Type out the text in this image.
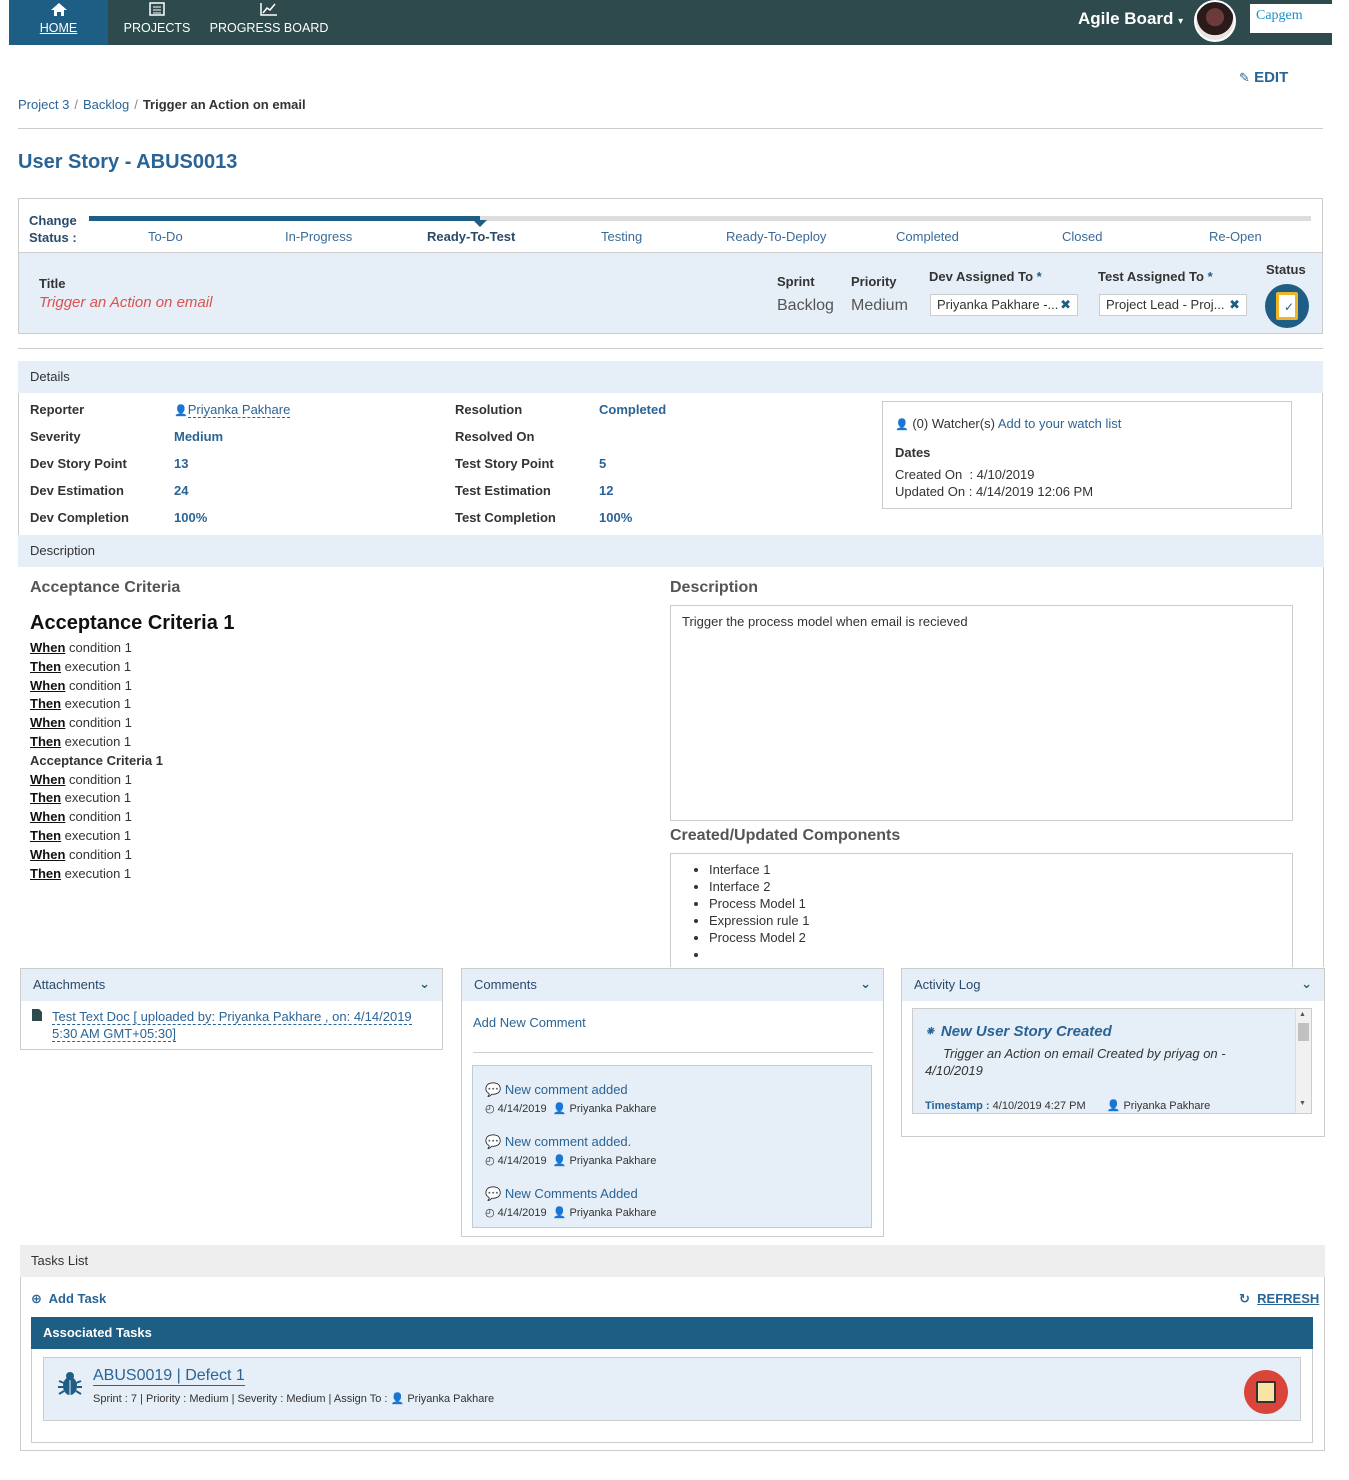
HOME	PROJECTS	PROGRESS BOARD	Agile Board ▾	Capgem
✎ EDIT
Project 3 / Backlog / Trigger an Action on email
User Story - ABUS0013
Change
Status :	To-Do	In-Progress	Ready-To-Test	Testing	Ready-To-Deploy	Completed	Closed	Re-Open
Title
Trigger an Action on email
Sprint
Backlog
Priority
Medium
Dev Assigned To *
Priyanka Pakhare -... ✖
Test Assigned To *
Project Lead - Proj... ✖
Status
✓
Details
Reporter	👤Priyanka Pakhare
Severity	Medium
Dev Story Point	13
Dev Estimation	24
Dev Completion	100%
Resolution	Completed
Resolved On
Test Story Point	5
Test Estimation	12
Test Completion	100%
👤 (0) Watcher(s) Add to your watch list
Dates
Created On : 4/10/2019
Updated On : 4/14/2019 12:06 PM
Description
Acceptance Criteria
Acceptance Criteria 1
When condition 1
Then execution 1
When condition 1
Then execution 1
When condition 1
Then execution 1
Acceptance Criteria 1
When condition 1
Then execution 1
When condition 1
Then execution 1
When condition 1
Then execution 1
Description
Trigger the process model when email is recieved
Created/Updated Components
• Interface 1
• Interface 2
• Process Model 1
• Expression rule 1
• Process Model 2
•
Attachments	⌄
Test Text Doc [ uploaded by: Priyanka Pakhare , on: 4/14/2019
5:30 AM GMT+05:30]
Comments	⌄
Add New Comment
💬 New comment added
◴ 4/14/2019 👤 Priyanka Pakhare
💬 New comment added.
◴ 4/14/2019 👤 Priyanka Pakhare
💬 New Comments Added
◴ 4/14/2019 👤 Priyanka Pakhare
Activity Log	⌄
⁕ New User Story Created
Trigger an Action on email Created by priyag on -
4/10/2019
Timestamp : 4/10/2019 4:27 PM 👤 Priyanka Pakhare
▲
▼
Tasks List
⊕ Add Task	↻ REFRESH
Associated Tasks
ABUS0019 | Defect 1
Sprint : 7 | Priority : Medium | Severity : Medium | Assign To : 👤 Priyanka Pakhare
